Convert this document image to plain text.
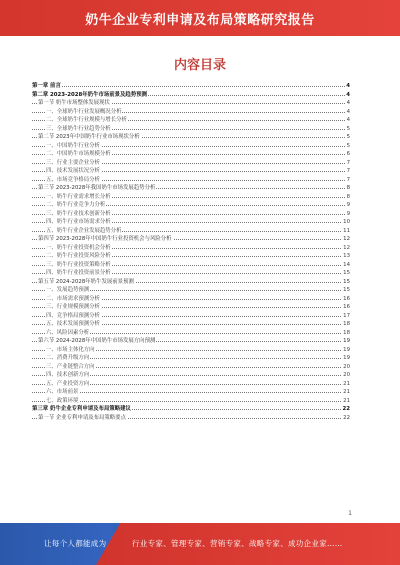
奶牛企业专利申请及布局策略研究报告
内容目录
第一章 前言	4
第二章 2023-2028年奶牛市场前景及趋势预测	4
第一节 奶牛市场整体发展现状	4
一、全球奶牛行业发展概况分析	4
二、全球奶牛行业规模与增长分析	4
三、全球奶牛行业趋势分析	5
第二节 2023年中国奶牛行业市场现状分析	5
一、中国奶牛行业分析	5
二、中国奶牛市场规模分析	6
三、行业主要企业分析	7
四、技术发展状况分析	7
五、市场竞争格局分析	7
第三节 2023-2028年我国奶牛市场发展趋势分析	8
一、奶牛行业需求增长分析	8
二、奶牛行业竞争力分析	9
三、奶牛行业技术创新分析	9
四、奶牛行业市场需求分析	10
五、奶牛行业企业发展趋势分析	11
第四节 2023-2028年中国奶牛行业投资机会与风险分析	12
一、奶牛行业投资机会分析	12
二、奶牛行业投资风险分析	13
三、奶牛行业投资策略分析	14
四、奶牛行业投资前景分析	15
第五节 2024-2028年奶牛发展前景预测	15
一、发展趋势预测	15
二、市场需求预测分析	16
三、行业规模预测分析	16
四、竞争格局预测分析	17
五、技术发展预测分析	18
六、风险因素分析	18
第六节 2024-2028年中国奶牛市场发展方向预测	19
一、市场主体化方向	19
二、消费升级方向	19
三、产业链整合方向	20
四、技术创新方向	20
五、产业投资方向	21
六、市场前景	21
七、政策环境	21
第三章 奶牛企业专利申请及布局策略建议	22
第一节 企业专利申请及布局策略要点	22
1
让每个人都能成为	行业专家、管理专家、营销专家、战略专家、成功企业家……
